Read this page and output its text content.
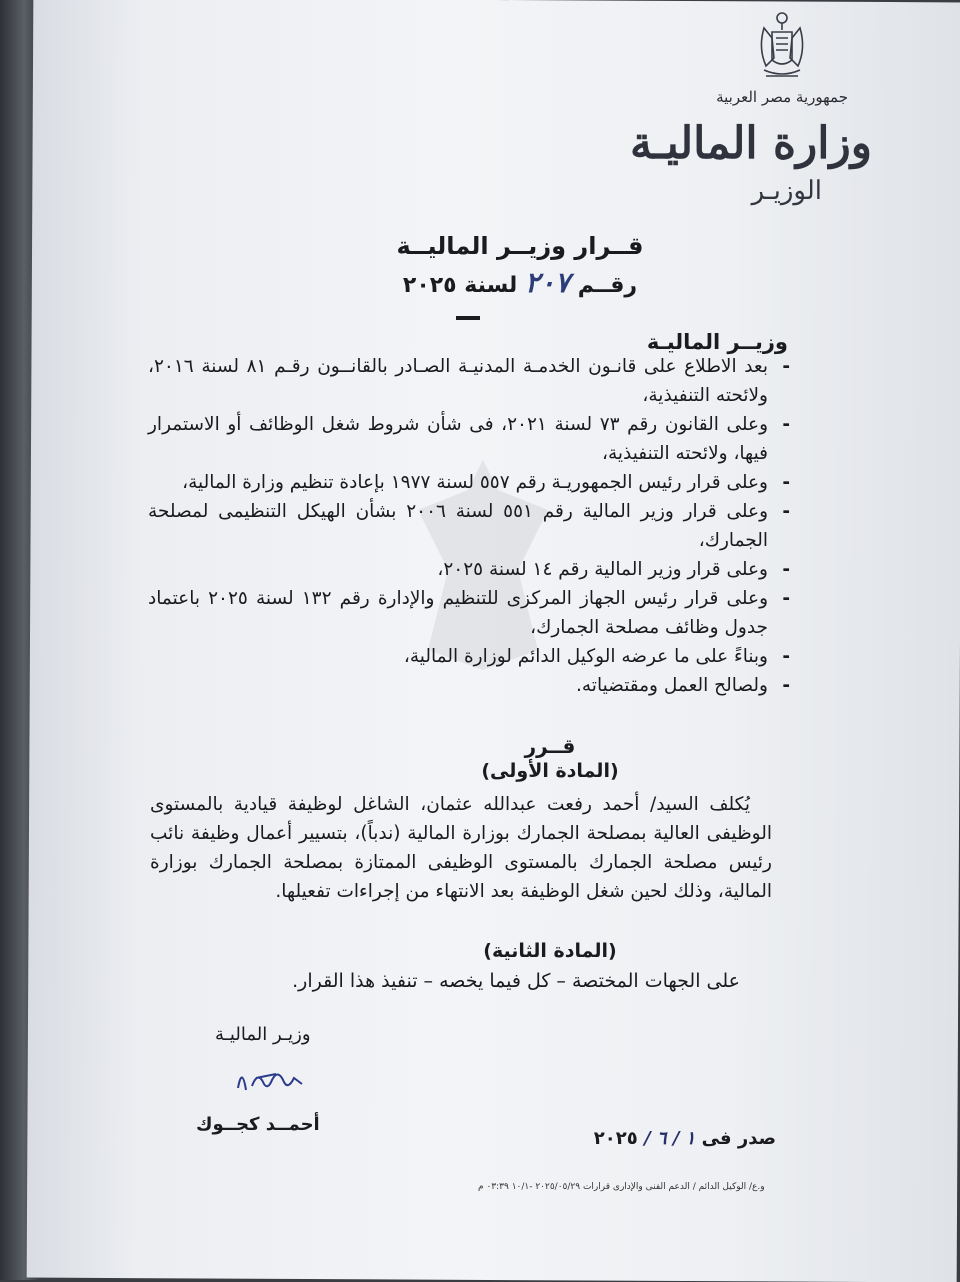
جمهورية مصر العربية
وزارة الماليـة
الوزيـر
قــرار وزيــر الماليــة
رقــم ٢٠٧ لسنة ٢٠٢٥
وزيــر الماليـة
- بعد الاطلاع على قانـون الخدمـة المدنيـة الصـادر بالقانــون رقـم ٨١ لسنة ٢٠١٦، ولائحته التنفيذية،
- وعلى القانون رقم ٧٣ لسنة ٢٠٢١، فى شأن شروط شغل الوظائف أو الاستمرار فيها، ولائحته التنفيذية،
- وعلى قرار رئيس الجمهوريـة رقم ٥٥٧ لسنة ١٩٧٧ بإعادة تنظيم وزارة المالية،
- وعلى قرار وزير المالية رقم ٥٥١ لسنة ٢٠٠٦ بشأن الهيكل التنظيمى لمصلحة الجمارك،
- وعلى قرار وزير المالية رقم ١٤ لسنة ٢٠٢٥،
- وعلى قرار رئيس الجهاز المركزى للتنظيم والإدارة رقم ١٣٢ لسنة ٢٠٢٥ باعتماد جدول وظائف مصلحة الجمارك،
- وبناءً على ما عرضه الوكيل الدائم لوزارة المالية،
- ولصالح العمل ومقتضياته.
قــرر
(المادة الأولى)
يُكلف السيد/ أحمد رفعت عبدالله عثمان، الشاغل لوظيفة قيادية بالمستوى الوظيفى العالية بمصلحة الجمارك بوزارة المالية (ندباً)، بتسيير أعمال وظيفة نائب رئيس مصلحة الجمارك بالمستوى الوظيفى الممتازة بمصلحة الجمارك بوزارة المالية، وذلك لحين شغل الوظيفة بعد الانتهاء من إجراءات تفعيلها.
(المادة الثانية)
على الجهات المختصة – كل فيما يخصه – تنفيذ هذا القرار.
وزيـر الماليـة
أحمــد كجــوك
صدر فى ١ / ٦ / ٢٠٢٥
و.ع/ الوكيل الدائم / الدعم الفنى والإدارى قرارات ٢٠٢٥/٠٥/٢٩ -١٠/١ ٠٣:٣٩ م
